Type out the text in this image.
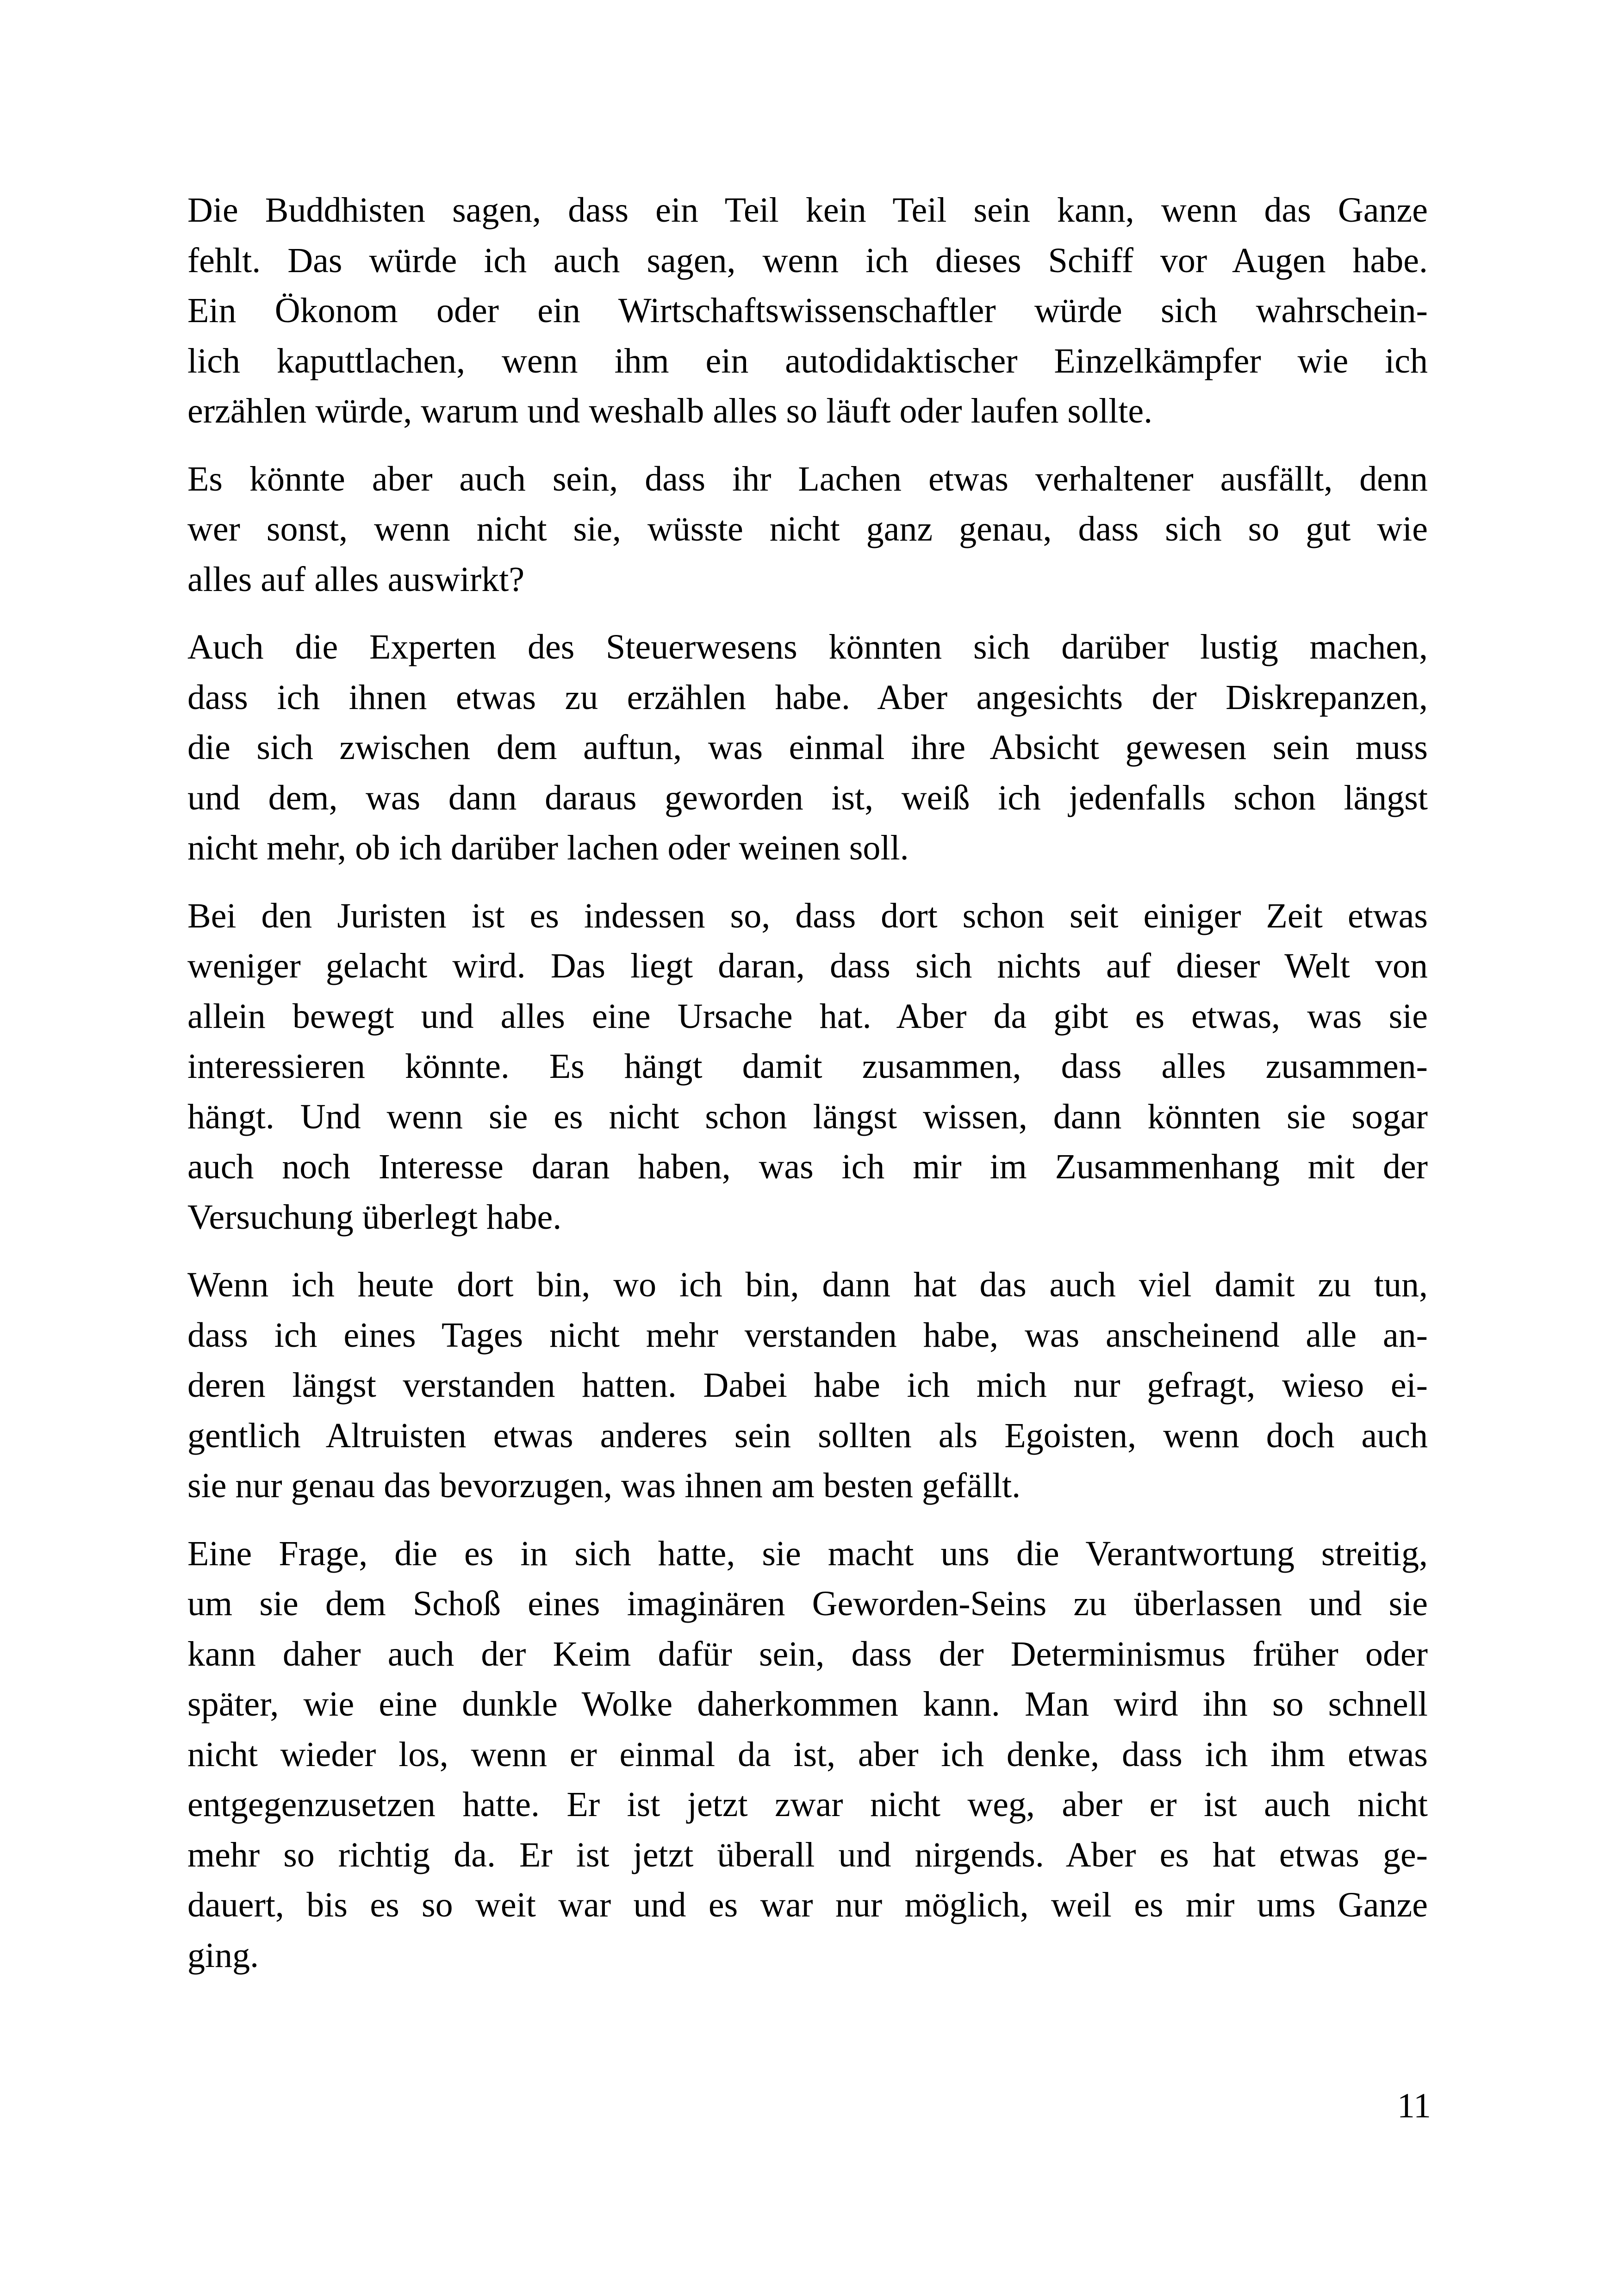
Die Buddhisten sagen, dass ein Teil kein Teil sein kann, wenn das Ganze
fehlt. Das würde ich auch sagen, wenn ich dieses Schiff vor Augen habe.
Ein Ökonom oder ein Wirtschaftswissenschaftler würde sich wahrschein-
lich kaputtlachen, wenn ihm ein autodidaktischer Einzelkämpfer wie ich
erzählen würde, warum und weshalb alles so läuft oder laufen sollte.

Es könnte aber auch sein, dass ihr Lachen etwas verhaltener ausfällt, denn
wer sonst, wenn nicht sie, wüsste nicht ganz genau, dass sich so gut wie
alles auf alles auswirkt?

Auch die Experten des Steuerwesens könnten sich darüber lustig machen,
dass ich ihnen etwas zu erzählen habe. Aber angesichts der Diskrepanzen,
die sich zwischen dem auftun, was einmal ihre Absicht gewesen sein muss
und dem, was dann daraus geworden ist, weiß ich jedenfalls schon längst
nicht mehr, ob ich darüber lachen oder weinen soll.

Bei den Juristen ist es indessen so, dass dort schon seit einiger Zeit etwas
weniger gelacht wird. Das liegt daran, dass sich nichts auf dieser Welt von
allein bewegt und alles eine Ursache hat. Aber da gibt es etwas, was sie
interessieren könnte. Es hängt damit zusammen, dass alles zusammen-
hängt. Und wenn sie es nicht schon längst wissen, dann könnten sie sogar
auch noch Interesse daran haben, was ich mir im Zusammenhang mit der
Versuchung überlegt habe.

Wenn ich heute dort bin, wo ich bin, dann hat das auch viel damit zu tun,
dass ich eines Tages nicht mehr verstanden habe, was anscheinend alle an-
deren längst verstanden hatten. Dabei habe ich mich nur gefragt, wieso ei-
gentlich Altruisten etwas anderes sein sollten als Egoisten, wenn doch auch
sie nur genau das bevorzugen, was ihnen am besten gefällt.

Eine Frage, die es in sich hatte, sie macht uns die Verantwortung streitig,
um sie dem Schoß eines imaginären Geworden-Seins zu überlassen und sie
kann daher auch der Keim dafür sein, dass der Determinismus früher oder
später, wie eine dunkle Wolke daherkommen kann. Man wird ihn so schnell
nicht wieder los, wenn er einmal da ist, aber ich denke, dass ich ihm etwas
entgegenzusetzen hatte. Er ist jetzt zwar nicht weg, aber er ist auch nicht
mehr so richtig da. Er ist jetzt überall und nirgends. Aber es hat etwas ge-
dauert, bis es so weit war und es war nur möglich, weil es mir ums Ganze
ging.

11
